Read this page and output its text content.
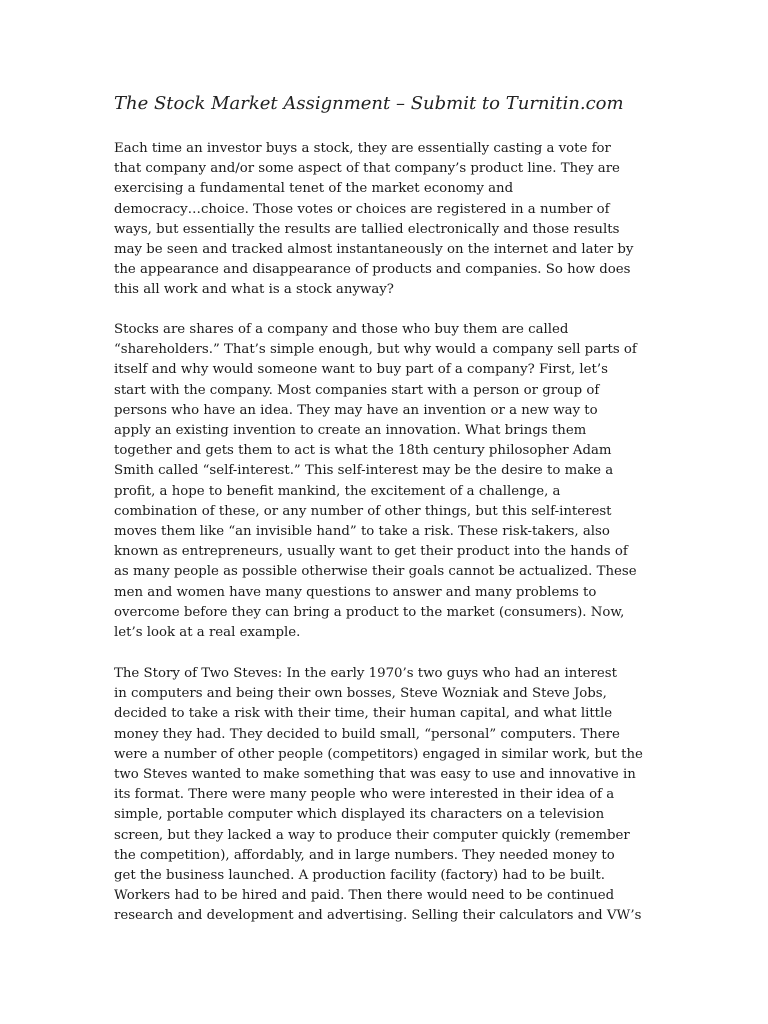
The Stock Market Assignment – Submit to Turnitin.com

Each time an investor buys a stock, they are essentially casting a vote for
that company and/or some aspect of that company’s product line. They are
exercising a fundamental tenet of the market economy and
democracy…choice. Those votes or choices are registered in a number of
ways, but essentially the results are tallied electronically and those results
may be seen and tracked almost instantaneously on the internet and later by
the appearance and disappearance of products and companies. So how does
this all work and what is a stock anyway?

Stocks are shares of a company and those who buy them are called
“shareholders.” That’s simple enough, but why would a company sell parts of
itself and why would someone want to buy part of a company? First, let’s
start with the company. Most companies start with a person or group of
persons who have an idea. They may have an invention or a new way to
apply an existing invention to create an innovation. What brings them
together and gets them to act is what the 18th century philosopher Adam
Smith called “self-interest.” This self-interest may be the desire to make a
profit, a hope to benefit mankind, the excitement of a challenge, a
combination of these, or any number of other things, but this self-interest
moves them like “an invisible hand” to take a risk. These risk-takers, also
known as entrepreneurs, usually want to get their product into the hands of
as many people as possible otherwise their goals cannot be actualized. These
men and women have many questions to answer and many problems to
overcome before they can bring a product to the market (consumers). Now,
let’s look at a real example.

The Story of Two Steves: In the early 1970’s two guys who had an interest
in computers and being their own bosses, Steve Wozniak and Steve Jobs,
decided to take a risk with their time, their human capital, and what little
money they had. They decided to build small, “personal” computers. There
were a number of other people (competitors) engaged in similar work, but the
two Steves wanted to make something that was easy to use and innovative in
its format. There were many people who were interested in their idea of a
simple, portable computer which displayed its characters on a television
screen, but they lacked a way to produce their computer quickly (remember
the competition), affordably, and in large numbers. They needed money to
get the business launched. A production facility (factory) had to be built.
Workers had to be hired and paid. Then there would need to be continued
research and development and advertising. Selling their calculators and VW’s
